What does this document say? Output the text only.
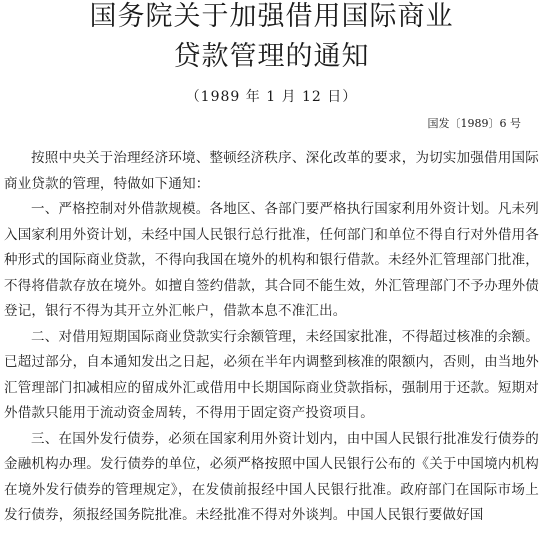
国务院关于加强借用国际商业
贷款管理的通知
（1989 年 1 月 12 日）
国发〔1989〕6 号

按照中央关于治理经济环境、整顿经济秩序、深化改革的要求，为切实加强借用国际商业贷款的管理，特做如下通知：

一、严格控制对外借款规模。各地区、各部门要严格执行国家利用外资计划。凡未列入国家利用外资计划，未经中国人民银行总行批准，任何部门和单位不得自行对外借用各种形式的国际商业贷款，不得向我国在境外的机构和银行借款。未经外汇管理部门批准，不得将借款存放在境外。如擅自签约借款，其合同不能生效，外汇管理部门不予办理外债登记，银行不得为其开立外汇帐户，借款本息不准汇出。

二、对借用短期国际商业贷款实行余额管理，未经国家批准，不得超过核准的余额。已超过部分，自本通知发出之日起，必须在半年内调整到核准的限额内，否则，由当地外汇管理部门扣减相应的留成外汇或借用中长期国际商业贷款指标，强制用于还款。短期对外借款只能用于流动资金周转，不得用于固定资产投资项目。

三、在国外发行债券，必须在国家利用外资计划内，由中国人民银行批准发行债券的金融机构办理。发行债券的单位，必须严格按照中国人民银行公布的《关于中国境内机构在境外发行债券的管理规定》，在发债前报经中国人民银行批准。政府部门在国际市场上发行债券，须报经国务院批准。未经批准不得对外谈判。中国人民银行要做好国
